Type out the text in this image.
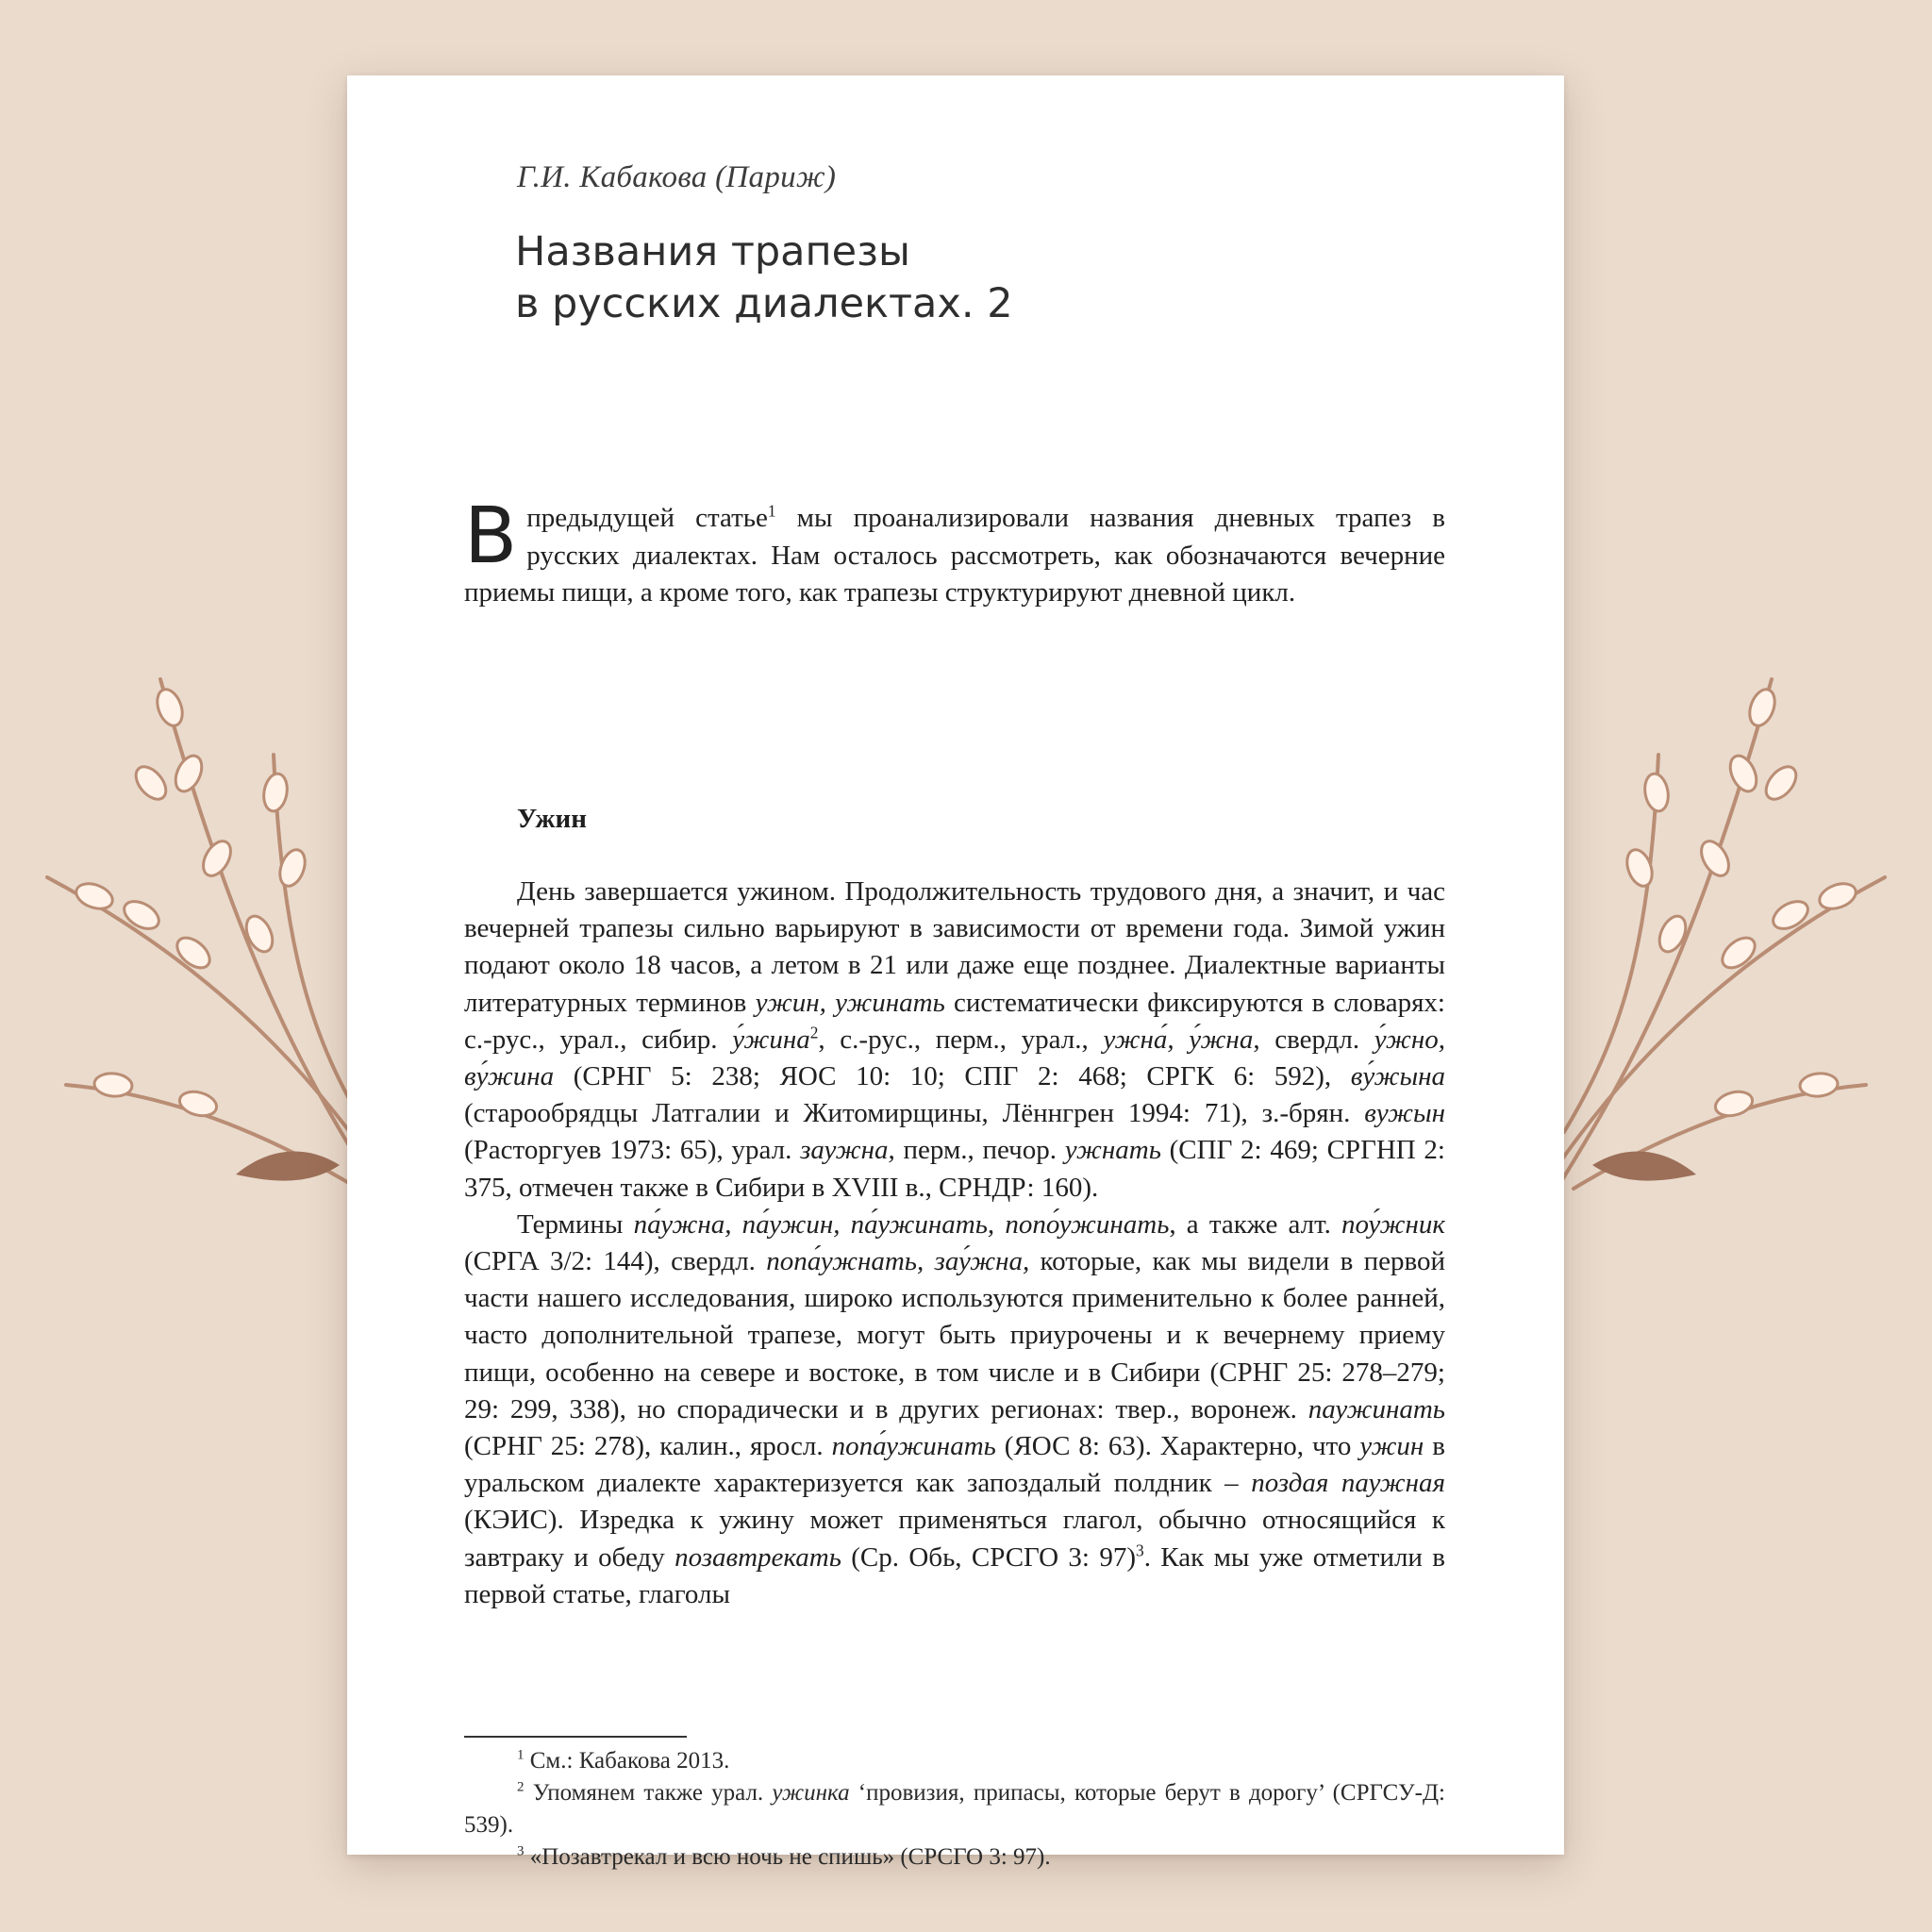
Г.И. Кабакова (Париж)
Названия трапезы
в русских диалектах. 2
В предыдущей статье$^1$ мы проанализировали названия дневных трапез в русских диалектах. Нам осталось рассмотреть, как обозначаются вечерние приемы пищи, а кроме того, как трапезы структурируют дневной цикл.
Ужин

День завершается ужином. Продолжительность трудового дня, а значит, и час вечерней трапезы сильно варьируют в зависимости от времени года. Зимой ужин подают около 18 часов, а летом в 21 или даже еще позднее. Диалектные варианты литературных терминов ужин, ужинать систематически фиксируются в словарях: с.-рус., урал., сибир. у́жина$^2$, с.-рус., перм., урал., ужна́, у́жна, свердл. у́жно, ву́жина (СРНГ 5: 238; ЯОС 10: 10; СПГ 2: 468; СРГК 6: 592), ву́жына (старообрядцы Латгалии и Житомирщины, Лённгрен 1994: 71), з.-брян. вужын (Расторгуев 1973: 65), урал. заужна, перм., печор. ужнать (СПГ 2: 469; СРГНП 2: 375, отмечен также в Сибири в XVIII в., СРНДР: 160).

Термины па́ужна, па́ужин, па́ужинать, попо́ужинать, а также алт. поу́жник (СРГА 3/2: 144), свердл. попа́ужнать, зау́жна, которые, как мы видели в первой части нашего исследования, широко используются применительно к более ранней, часто дополнительной трапезе, могут быть приурочены и к вечернему приему пищи, особенно на севере и востоке, в том числе и в Сибири (СРНГ 25: 278–279; 29: 299, 338), но спорадически и в других регионах: твер., воронеж. паужинать (СРНГ 25: 278), калин., яросл. попа́ужинать (ЯОС 8: 63). Характерно, что ужин в уральском диалекте характеризуется как запоздалый полдник – поздая паужная (КЭИС). Изредка к ужину может применяться глагол, обычно относящийся к завтраку и обеду позавтрекать (Ср. Обь, СРСГО 3: 97)$^3$. Как мы уже отметили в первой статье, глаголы

$^1$ См.: Кабакова 2013.

$^2$ Упомянем также урал. ужинка ‘провизия, припасы, которые берут в дорогу’ (СРГСУ-Д: 539).

$^3$ «Позавтрекал и всю ночь не спишь» (СРСГО 3: 97).
